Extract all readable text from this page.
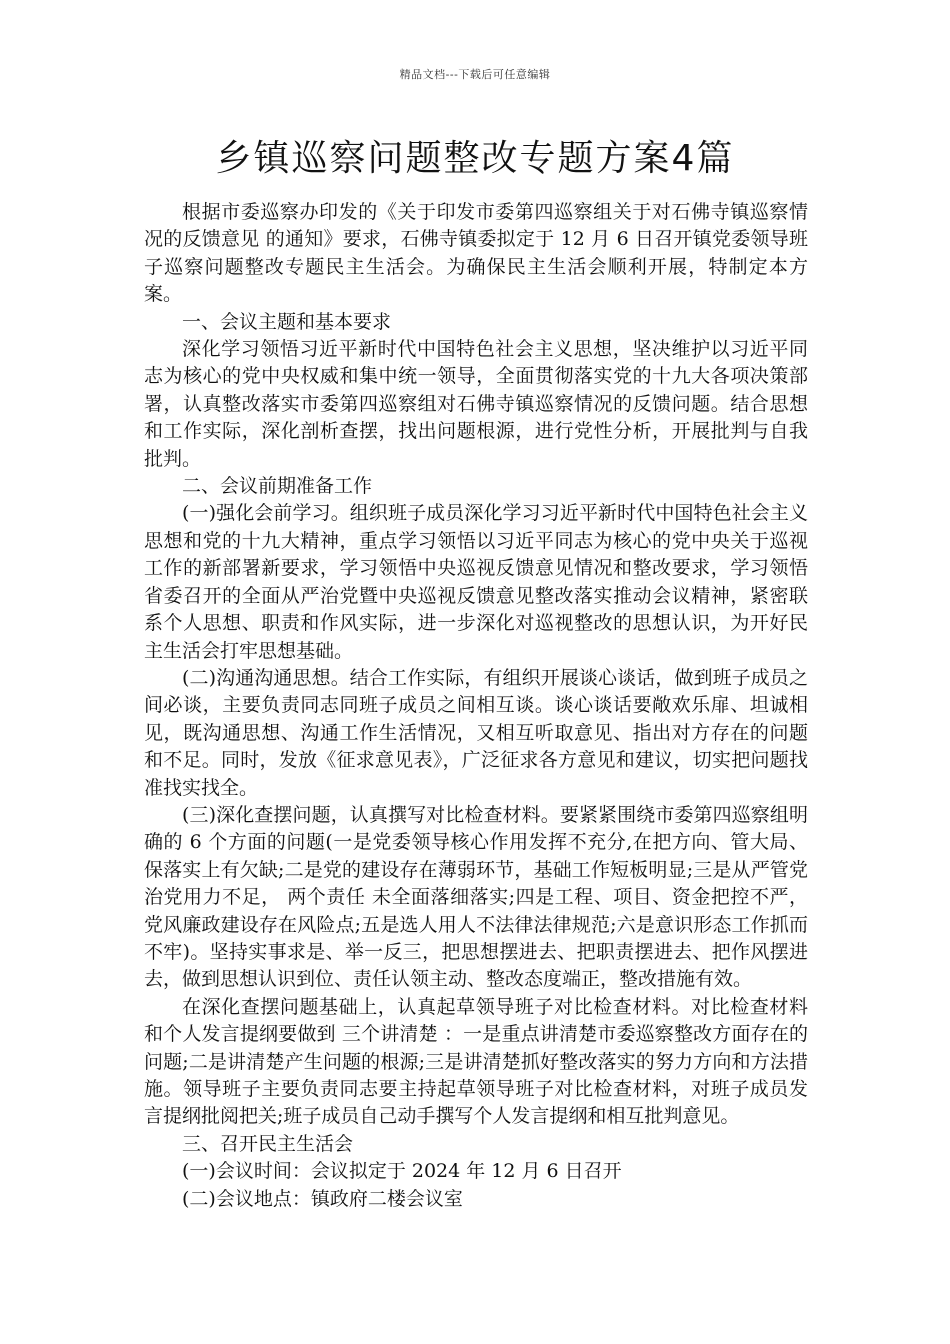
精品文档---下载后可任意编辑
乡镇巡察问题整改专题方案4篇

根据市委巡察办印发的《关于印发市委第四巡察组关于对石佛寺镇巡察情况的反馈意见 的通知》要求，石佛寺镇委拟定于 12 月 6 日召开镇党委领导班子巡察问题整改专题民主生活会。为确保民主生活会顺利开展，特制定本方案。

一、会议主题和基本要求

深化学习领悟习近平新时代中国特色社会主义思想，坚决维护以习近平同志为核心的党中央权威和集中统一领导，全面贯彻落实党的十九大各项决策部署，认真整改落实市委第四巡察组对石佛寺镇巡察情况的反馈问题。结合思想和工作实际，深化剖析查摆，找出问题根源，进行党性分析，开展批判与自我批判。

二、会议前期准备工作

(一)强化会前学习。组织班子成员深化学习习近平新时代中国特色社会主义思想和党的十九大精神，重点学习领悟以习近平同志为核心的党中央关于巡视工作的新部署新要求，学习领悟中央巡视反馈意见情况和整改要求，学习领悟省委召开的全面从严治党暨中央巡视反馈意见整改落实推动会议精神，紧密联系个人思想、职责和作风实际，进一步深化对巡视整改的思想认识，为开好民主生活会打牢思想基础。

(二)沟通沟通思想。结合工作实际，有组织开展谈心谈话，做到班子成员之间必谈，主要负责同志同班子成员之间相互谈。谈心谈话要敞欢乐扉、坦诚相见，既沟通思想、沟通工作生活情况，又相互听取意见、指出对方存在的问题和不足。同时，发放《征求意见表》，广泛征求各方意见和建议，切实把问题找准找实找全。

(三)深化查摆问题，认真撰写对比检查材料。要紧紧围绕市委第四巡察组明确的 6 个方面的问题(一是党委领导核心作用发挥不充分,在把方向、管大局、保落实上有欠缺;二是党的建设存在薄弱环节，基础工作短板明显;三是从严管党治党用力不足， 两个责任 未全面落细落实;四是工程、项目、资金把控不严，党风廉政建设存在风险点;五是选人用人不法律法律规范;六是意识形态工作抓而不牢)。坚持实事求是、举一反三，把思想摆进去、把职责摆进去、把作风摆进去，做到思想认识到位、责任认领主动、整改态度端正，整改措施有效。

在深化查摆问题基础上，认真起草领导班子对比检查材料。对比检查材料和个人发言提纲要做到 三个讲清楚 ：一是重点讲清楚市委巡察整改方面存在的问题;二是讲清楚产生问题的根源;三是讲清楚抓好整改落实的努力方向和方法措施。领导班子主要负责同志要主持起草领导班子对比检查材料，对班子成员发言提纲批阅把关;班子成员自己动手撰写个人发言提纲和相互批判意见。

三、召开民主生活会

(一)会议时间：会议拟定于 2024 年 12 月 6 日召开

(二)会议地点：镇政府二楼会议室
